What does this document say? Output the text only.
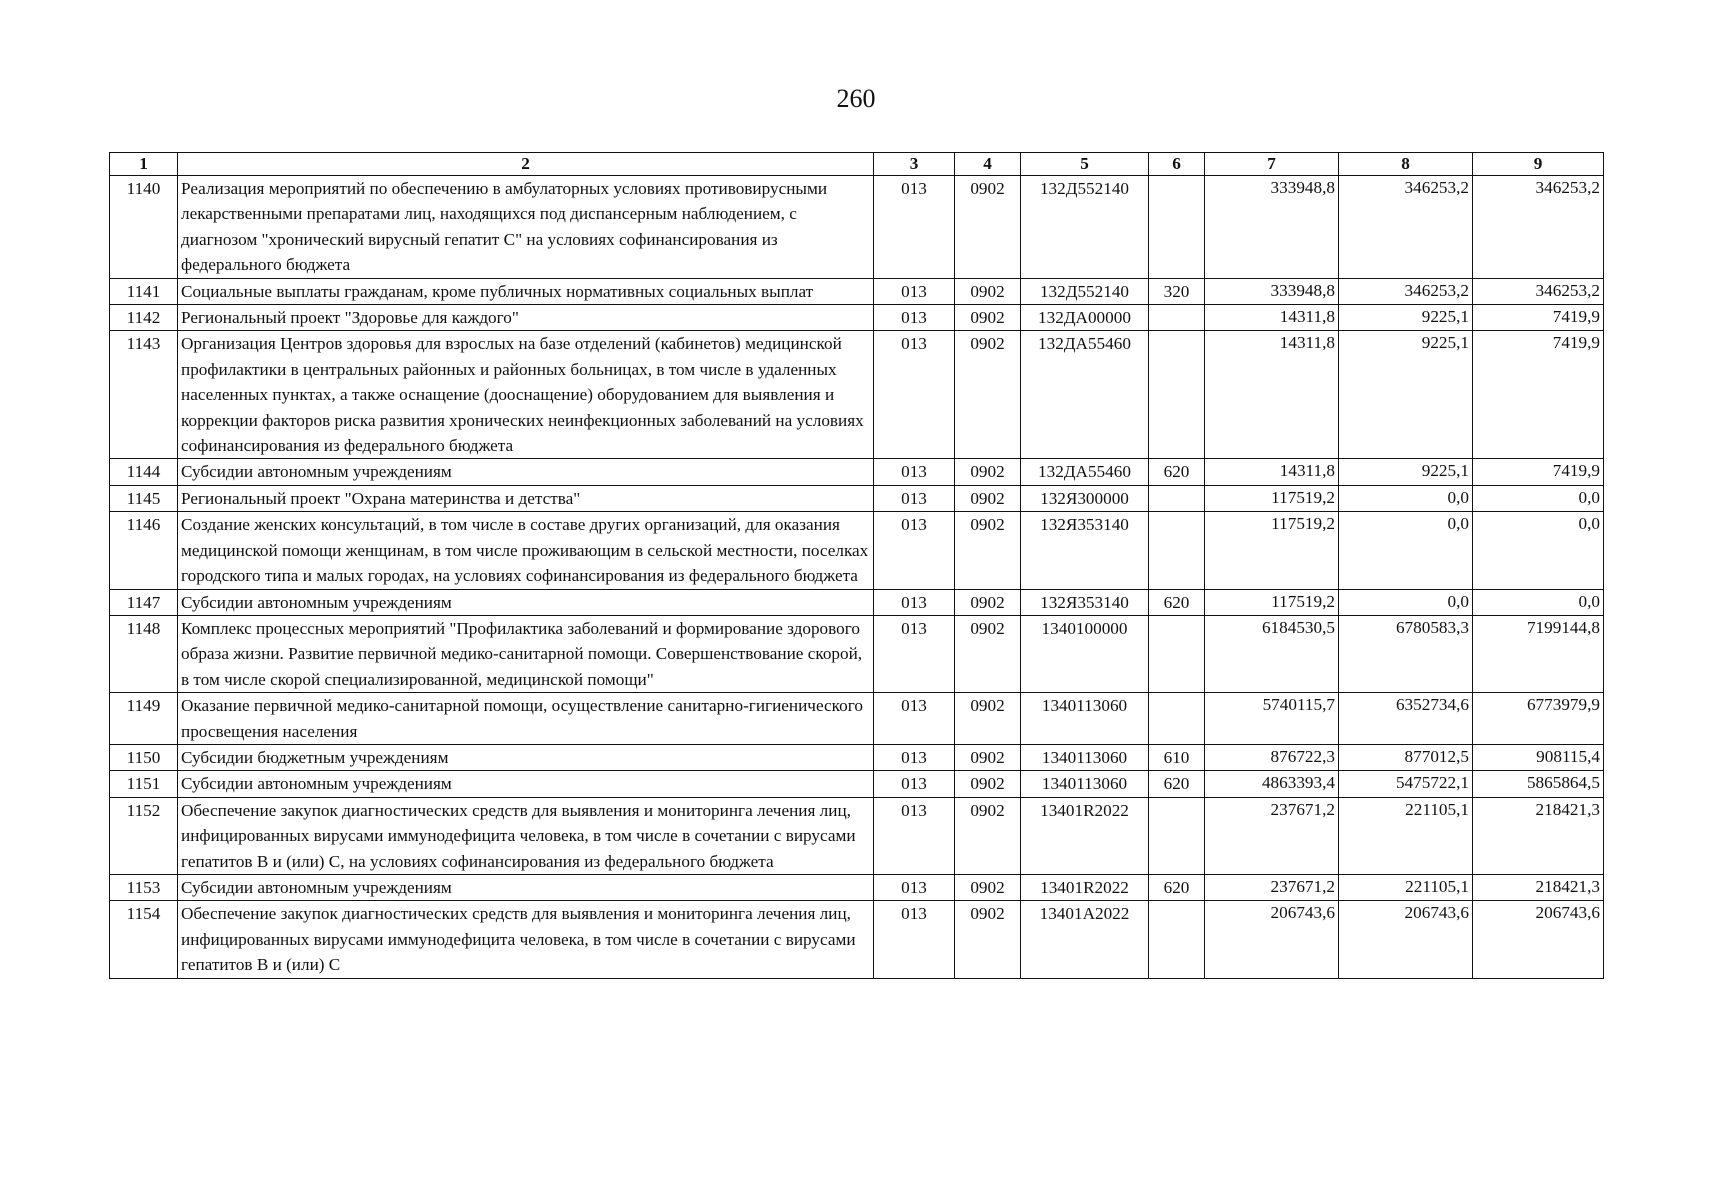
260
1	2	3	4	5	6	7	8	9
1140	Реализация мероприятий по обеспечению в амбулаторных условиях противовирусными лекарственными препаратами лиц, находящихся под диспансерным наблюдением, с диагнозом "хронический вирусный гепатит С" на условиях софинансирования из федерального бюджета	013	0902	132Д552140		333948,8	346253,2	346253,2

1141	Социальные выплаты гражданам, кроме публичных нормативных социальных выплат	013	0902	132Д552140	320	333948,8	346253,2	346253,2

1142	Региональный проект "Здоровье для каждого"	013	0902	132ДА00000		14311,8	9225,1	7419,9

1143	Организация Центров здоровья для взрослых на базе отделений (кабинетов) медицинской профилактики в центральных районных и районных больницах, в том числе в удаленных населенных пунктах, а также оснащение (дооснащение) оборудованием для выявления и коррекции факторов риска развития хронических неинфекционных заболеваний на условиях софинансирования из федерального бюджета	013	0902	132ДА55460		14311,8	9225,1	7419,9

1144	Субсидии автономным учреждениям	013	0902	132ДА55460	620	14311,8	9225,1	7419,9

1145	Региональный проект "Охрана материнства и детства"	013	0902	132Я300000		117519,2	0,0	0,0

1146	Создание женских консультаций, в том числе в составе других организаций, для оказания медицинской помощи женщинам, в том числе проживающим в сельской местности, поселках городского типа и малых городах, на условиях софинансирования из федерального бюджета	013	0902	132Я353140		117519,2	0,0	0,0

1147	Субсидии автономным учреждениям	013	0902	132Я353140	620	117519,2	0,0	0,0

1148	Комплекс процессных мероприятий "Профилактика заболеваний и формирование здорового образа жизни. Развитие первичной медико-санитарной помощи. Совершенствование скорой, в том числе скорой специализированной, медицинской помощи"	013	0902	1340100000		6184530,5	6780583,3	7199144,8

1149	Оказание первичной медико-санитарной помощи, осуществление санитарно-гигиенического просвещения населения	013	0902	1340113060		5740115,7	6352734,6	6773979,9

1150	Субсидии бюджетным учреждениям	013	0902	1340113060	610	876722,3	877012,5	908115,4

1151	Субсидии автономным учреждениям	013	0902	1340113060	620	4863393,4	5475722,1	5865864,5

1152	Обеспечение закупок диагностических средств для выявления и мониторинга лечения лиц, инфицированных вирусами иммунодефицита человека, в том числе в сочетании с вирусами гепатитов В и (или) С, на условиях софинансирования из федерального бюджета	013	0902	13401R2022		237671,2	221105,1	218421,3

1153	Субсидии автономным учреждениям	013	0902	13401R2022	620	237671,2	221105,1	218421,3

1154	Обеспечение закупок диагностических средств для выявления и мониторинга лечения лиц, инфицированных вирусами иммунодефицита человека, в том числе в сочетании с вирусами гепатитов В и (или) С	013	0902	13401А2022		206743,6	206743,6	206743,6
